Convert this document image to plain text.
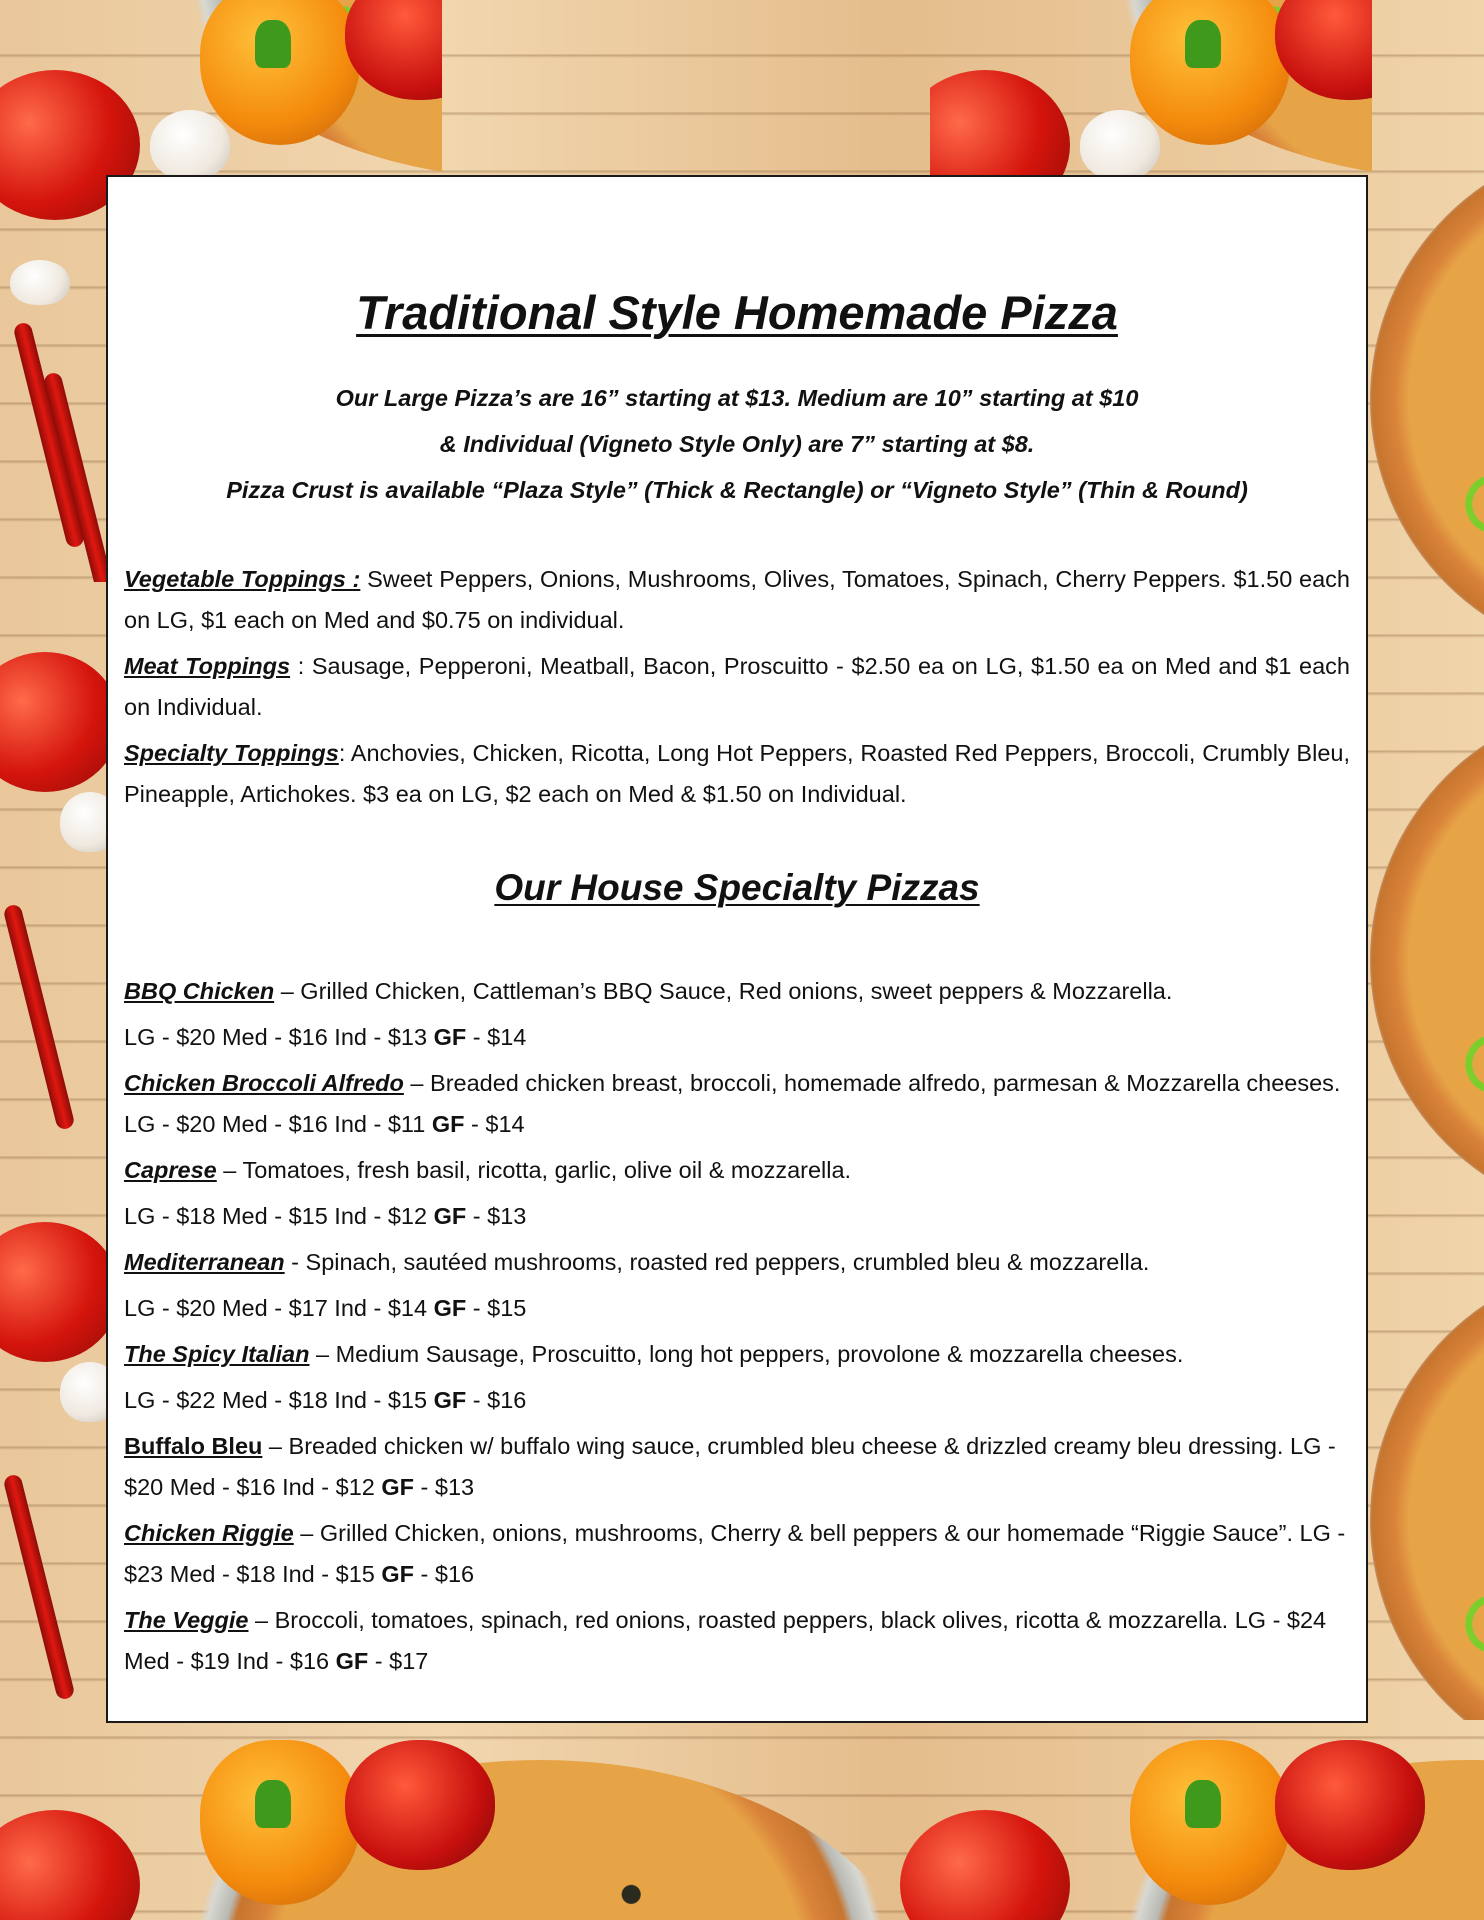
Traditional Style Homemade Pizza

Our Large Pizza’s are 16” starting at $13. Medium are 10” starting at $10

& Individual (Vigneto Style Only) are 7” starting at $8.

Pizza Crust is available “Plaza Style” (Thick & Rectangle) or “Vigneto Style” (Thin & Round)

Vegetable Toppings : Sweet Peppers, Onions, Mushrooms, Olives, Tomatoes, Spinach, Cherry Peppers. $1.50 each on LG, $1 each on Med and $0.75 on individual.

Meat Toppings : Sausage, Pepperoni, Meatball, Bacon, Proscuitto - $2.50 ea on LG, $1.50 ea on Med and $1 each on Individual.

Specialty Toppings: Anchovies, Chicken, Ricotta, Long Hot Peppers, Roasted Red Peppers, Broccoli, Crumbly Bleu, Pineapple, Artichokes. $3 ea on LG, $2 each on Med & $1.50 on Individual.

Our House Specialty Pizzas

BBQ Chicken – Grilled Chicken, Cattleman’s BBQ Sauce, Red onions, sweet peppers & Mozzarella.

LG - $20 Med - $16 Ind - $13 GF - $14

Chicken Broccoli Alfredo – Breaded chicken breast, broccoli, homemade alfredo, parmesan & Mozzarella cheeses. LG - $20 Med - $16 Ind - $11 GF - $14

Caprese – Tomatoes, fresh basil, ricotta, garlic, olive oil & mozzarella.

LG - $18 Med - $15 Ind - $12 GF - $13

Mediterranean - Spinach, sautéed mushrooms, roasted red peppers, crumbled bleu & mozzarella.

LG - $20 Med - $17 Ind - $14 GF - $15

The Spicy Italian – Medium Sausage, Proscuitto, long hot peppers, provolone & mozzarella cheeses.

LG - $22 Med - $18 Ind - $15 GF - $16

Buffalo Bleu – Breaded chicken w/ buffalo wing sauce, crumbled bleu cheese & drizzled creamy bleu dressing. LG - $20 Med - $16 Ind - $12 GF - $13

Chicken Riggie – Grilled Chicken, onions, mushrooms, Cherry & bell peppers & our homemade “Riggie Sauce”. LG - $23 Med - $18 Ind - $15 GF - $16

The Veggie – Broccoli, tomatoes, spinach, red onions, roasted peppers, black olives, ricotta & mozzarella. LG - $24 Med - $19 Ind - $16 GF - $17
